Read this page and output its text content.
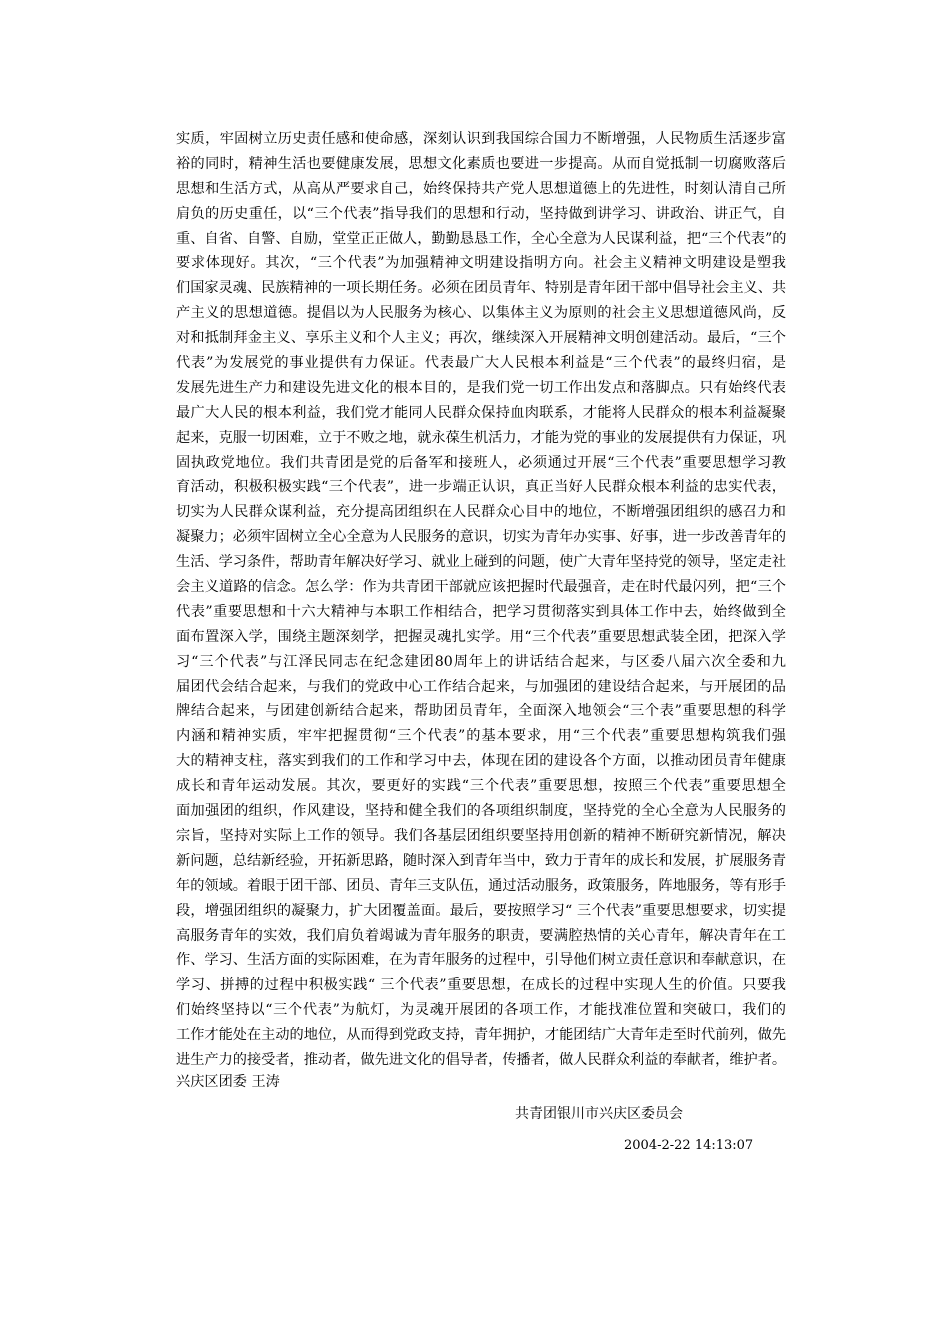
实质，牢固树立历史责任感和使命感，深刻认识到我国综合国力不断增强，人民物质生活逐步富
裕的同时，精神生活也要健康发展，思想文化素质也要进一步提高。从而自觉抵制一切腐败落后
思想和生活方式，从高从严要求自己，始终保持共产党人思想道德上的先进性，时刻认清自己所
肩负的历史重任，以“三个代表”指导我们的思想和行动，坚持做到讲学习、讲政治、讲正气，自
重、自省、自警、自励，堂堂正正做人，勤勤恳恳工作，全心全意为人民谋利益，把“三个代表”的
要求体现好。其次，“三个代表”为加强精神文明建设指明方向。社会主义精神文明建设是塑我
们国家灵魂、民族精神的一项长期任务。必须在团员青年、特别是青年团干部中倡导社会主义、共
产主义的思想道德。提倡以为人民服务为核心、以集体主义为原则的社会主义思想道德风尚，反
对和抵制拜金主义、享乐主义和个人主义；再次，继续深入开展精神文明创建活动。最后，“三个
代表”为发展党的事业提供有力保证。代表最广大人民根本利益是“三个代表”的最终归宿，是
发展先进生产力和建设先进文化的根本目的，是我们党一切工作出发点和落脚点。只有始终代表
最广大人民的根本利益，我们党才能同人民群众保持血肉联系，才能将人民群众的根本利益凝聚
起来，克服一切困难，立于不败之地，就永葆生机活力，才能为党的事业的发展提供有力保证，巩
固执政党地位。我们共青团是党的后备军和接班人，必须通过开展“三个代表”重要思想学习教
育活动，积极积极实践“三个代表”，进一步端正认识，真正当好人民群众根本利益的忠实代表，
切实为人民群众谋利益，充分提高团组织在人民群众心目中的地位，不断增强团组织的感召力和
凝聚力；必须牢固树立全心全意为人民服务的意识，切实为青年办实事、好事，进一步改善青年的
生活、学习条件，帮助青年解决好学习、就业上碰到的问题，使广大青年坚持党的领导，坚定走社
会主义道路的信念。怎么学：作为共青团干部就应该把握时代最强音，走在时代最闪列，把“三个
代表”重要思想和十六大精神与本职工作相结合，把学习贯彻落实到具体工作中去，始终做到全
面布置深入学，围绕主题深刻学，把握灵魂扎实学。用“三个代表”重要思想武装全团，把深入学
习“三个代表”与江泽民同志在纪念建团80周年上的讲话结合起来，与区委八届六次全委和九
届团代会结合起来，与我们的党政中心工作结合起来，与加强团的建设结合起来，与开展团的品
牌结合起来，与团建创新结合起来，帮助团员青年，全面深入地领会“三个表”重要思想的科学
内涵和精神实质，牢牢把握贯彻“三个代表”的基本要求，用“三个代表”重要思想构筑我们强
大的精神支柱，落实到我们的工作和学习中去，体现在团的建设各个方面，以推动团员青年健康
成长和青年运动发展。其次，要更好的实践“三个代表”重要思想，按照三个代表”重要思想全
面加强团的组织，作风建设，坚持和健全我们的各项组织制度，坚持党的全心全意为人民服务的
宗旨，坚持对实际上工作的领导。我们各基层团组织要坚持用创新的精神不断研究新情况，解决
新问题，总结新经验，开拓新思路，随时深入到青年当中，致力于青年的成长和发展，扩展服务青
年的领域。着眼于团干部、团员、青年三支队伍，通过活动服务，政策服务，阵地服务，等有形手
段，增强团组织的凝聚力，扩大团覆盖面。最后，要按照学习“ 三个代表”重要思想要求，切实提
高服务青年的实效，我们肩负着竭诚为青年服务的职责，要满腔热情的关心青年，解决青年在工
作、学习、生活方面的实际困难，在为青年服务的过程中，引导他们树立责任意识和奉献意识，在
学习、拼搏的过程中积极实践“ 三个代表”重要思想，在成长的过程中实现人生的价值。只要我
们始终坚持以“三个代表”为航灯，为灵魂开展团的各项工作，才能找准位置和突破口，我们的
工作才能处在主动的地位，从而得到党政支持，青年拥护，才能团结广大青年走至时代前列，做先
进生产力的接受者，推动者，做先进文化的倡导者，传播者，做人民群众利益的奉献者，维护者。
兴庆区团委 王涛
共青团银川市兴庆区委员会
2004-2-22 14:13:07
